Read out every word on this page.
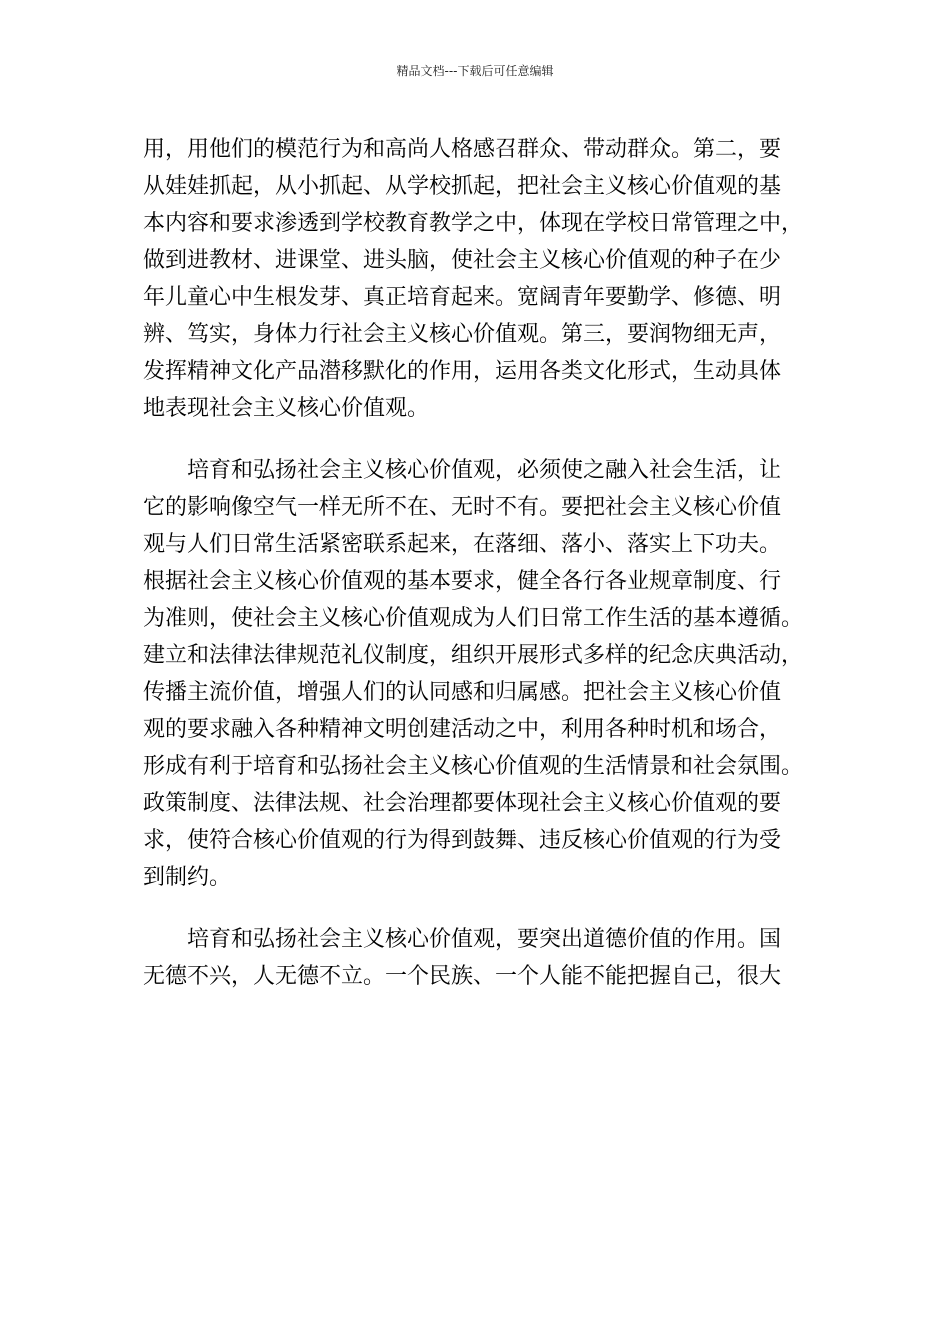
精品文档---下载后可任意编辑
用，用他们的模范行为和高尚人格感召群众、带动群众。第二，要
从娃娃抓起，从小抓起、从学校抓起，把社会主义核心价值观的基
本内容和要求渗透到学校教育教学之中，体现在学校日常管理之中，
做到进教材、进课堂、进头脑，使社会主义核心价值观的种子在少
年儿童心中生根发芽、真正培育起来。宽阔青年要勤学、修德、明
辨、笃实，身体力行社会主义核心价值观。第三，要润物细无声，
发挥精神文化产品潜移默化的作用，运用各类文化形式，生动具体
地表现社会主义核心价值观。
　　培育和弘扬社会主义核心价值观，必须使之融入社会生活，让
它的影响像空气一样无所不在、无时不有。要把社会主义核心价值
观与人们日常生活紧密联系起来，在落细、落小、落实上下功夫。
根据社会主义核心价值观的基本要求，健全各行各业规章制度、行
为准则，使社会主义核心价值观成为人们日常工作生活的基本遵循。
建立和法律法律规范礼仪制度，组织开展形式多样的纪念庆典活动，
传播主流价值，增强人们的认同感和归属感。把社会主义核心价值
观的要求融入各种精神文明创建活动之中，利用各种时机和场合，
形成有利于培育和弘扬社会主义核心价值观的生活情景和社会氛围。
政策制度、法律法规、社会治理都要体现社会主义核心价值观的要
求，使符合核心价值观的行为得到鼓舞、违反核心价值观的行为受
到制约。
　　培育和弘扬社会主义核心价值观，要突出道德价值的作用。国
无德不兴，人无德不立。一个民族、一个人能不能把握自己，很大
